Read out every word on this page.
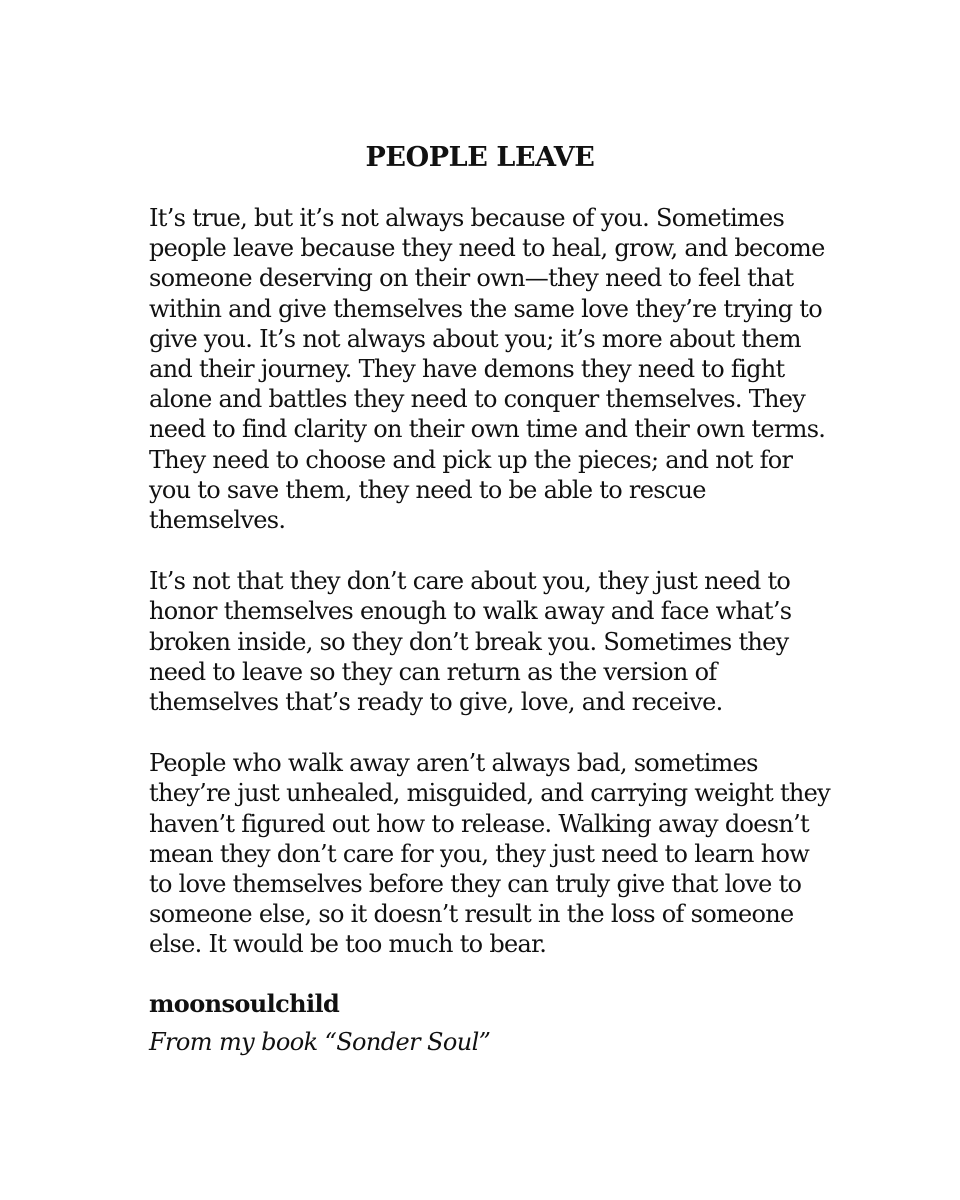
PEOPLE LEAVE

It’s true, but it’s not always because of you. Sometimes
people leave because they need to heal, grow, and become
someone deserving on their own—they need to feel that
within and give themselves the same love they’re trying to
give you. It’s not always about you; it’s more about them
and their journey. They have demons they need to fight
alone and battles they need to conquer themselves. They
need to find clarity on their own time and their own terms.
They need to choose and pick up the pieces; and not for
you to save them, they need to be able to rescue
themselves.

It’s not that they don’t care about you, they just need to
honor themselves enough to walk away and face what’s
broken inside, so they don’t break you. Sometimes they
need to leave so they can return as the version of
themselves that’s ready to give, love, and receive.

People who walk away aren’t always bad, sometimes
they’re just unhealed, misguided, and carrying weight they
haven’t figured out how to release. Walking away doesn’t
mean they don’t care for you, they just need to learn how
to love themselves before they can truly give that love to
someone else, so it doesn’t result in the loss of someone
else. It would be too much to bear.

moonsoulchild
From my book “Sonder Soul”
